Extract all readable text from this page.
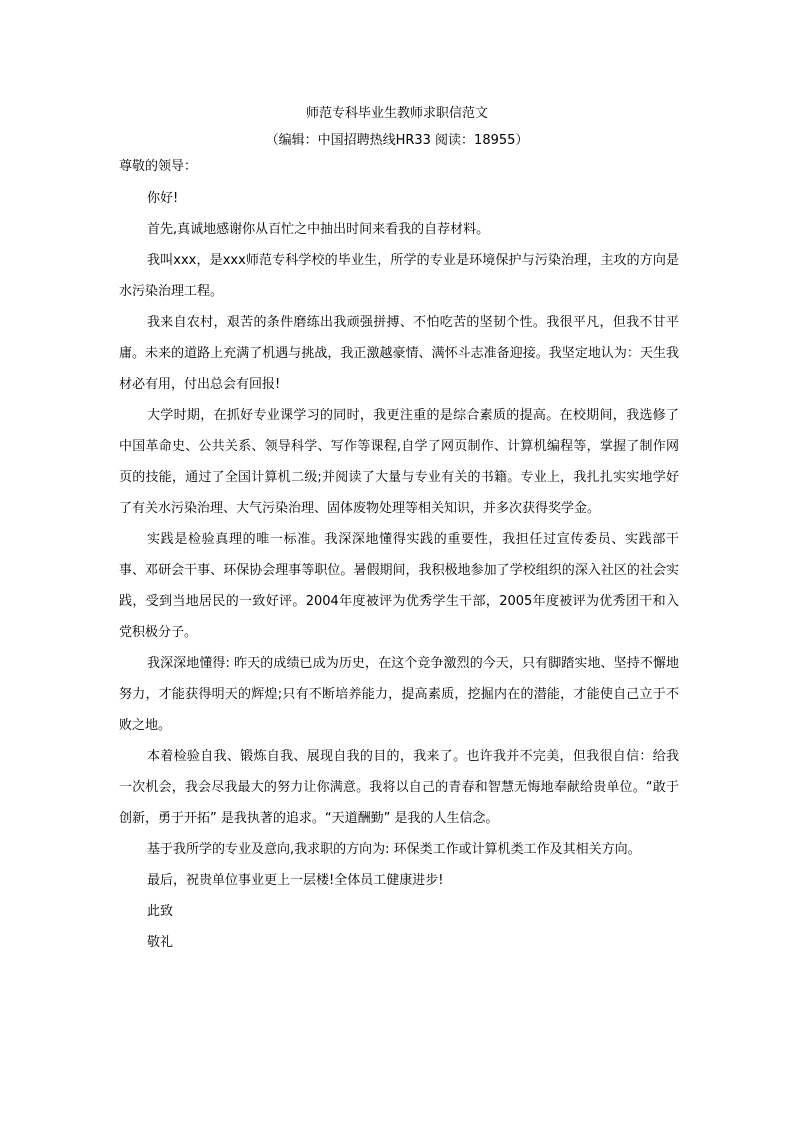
师范专科毕业生教师求职信范文
（编辑：中国招聘热线HR33 阅读：18955）
尊敬的领导：

你好!

首先,真诚地感谢你从百忙之中抽出时间来看我的自荐材料。

我叫xxx，是xxx师范专科学校的毕业生，所学的专业是环境保护与污染治理，主攻的方向是水污染治理工程。

我来自农村，艰苦的条件磨练出我顽强拼搏、不怕吃苦的坚韧个性。我很平凡，但我不甘平庸。未来的道路上充满了机遇与挑战，我正激越豪情、满怀斗志准备迎接。我坚定地认为：天生我材必有用，付出总会有回报!

大学时期，在抓好专业课学习的同时，我更注重的是综合素质的提高。在校期间，我选修了中国革命史、公共关系、领导科学、写作等课程,自学了网页制作、计算机编程等，掌握了制作网页的技能，通过了全国计算机二级;并阅读了大量与专业有关的书籍。专业上，我扎扎实实地学好了有关水污染治理、大气污染治理、固体废物处理等相关知识，并多次获得奖学金。

实践是检验真理的唯一标准。我深深地懂得实践的重要性，我担任过宣传委员、实践部干事、邓研会干事、环保协会理事等职位。暑假期间，我积极地参加了学校组织的深入社区的社会实践，受到当地居民的一致好评。2004年度被评为优秀学生干部，2005年度被评为优秀团干和入党积极分子。

我深深地懂得: 昨天的成绩已成为历史，在这个竞争激烈的今天，只有脚踏实地、坚持不懈地努力，才能获得明天的辉煌;只有不断培养能力，提高素质，挖掘内在的潜能，才能使自己立于不败之地。

本着检验自我、锻炼自我、展现自我的目的，我来了。也许我并不完美，但我很自信：给我一次机会，我会尽我最大的努力让你满意。我将以自己的青春和智慧无悔地奉献给贵单位。“敢于创新，勇于开拓” 是我执著的追求。“天道酬勤” 是我的人生信念。

基于我所学的专业及意向,我求职的方向为: 环保类工作或计算机类工作及其相关方向。

最后，祝贵单位事业更上一层楼!全体员工健康进步!

此致

敬礼
